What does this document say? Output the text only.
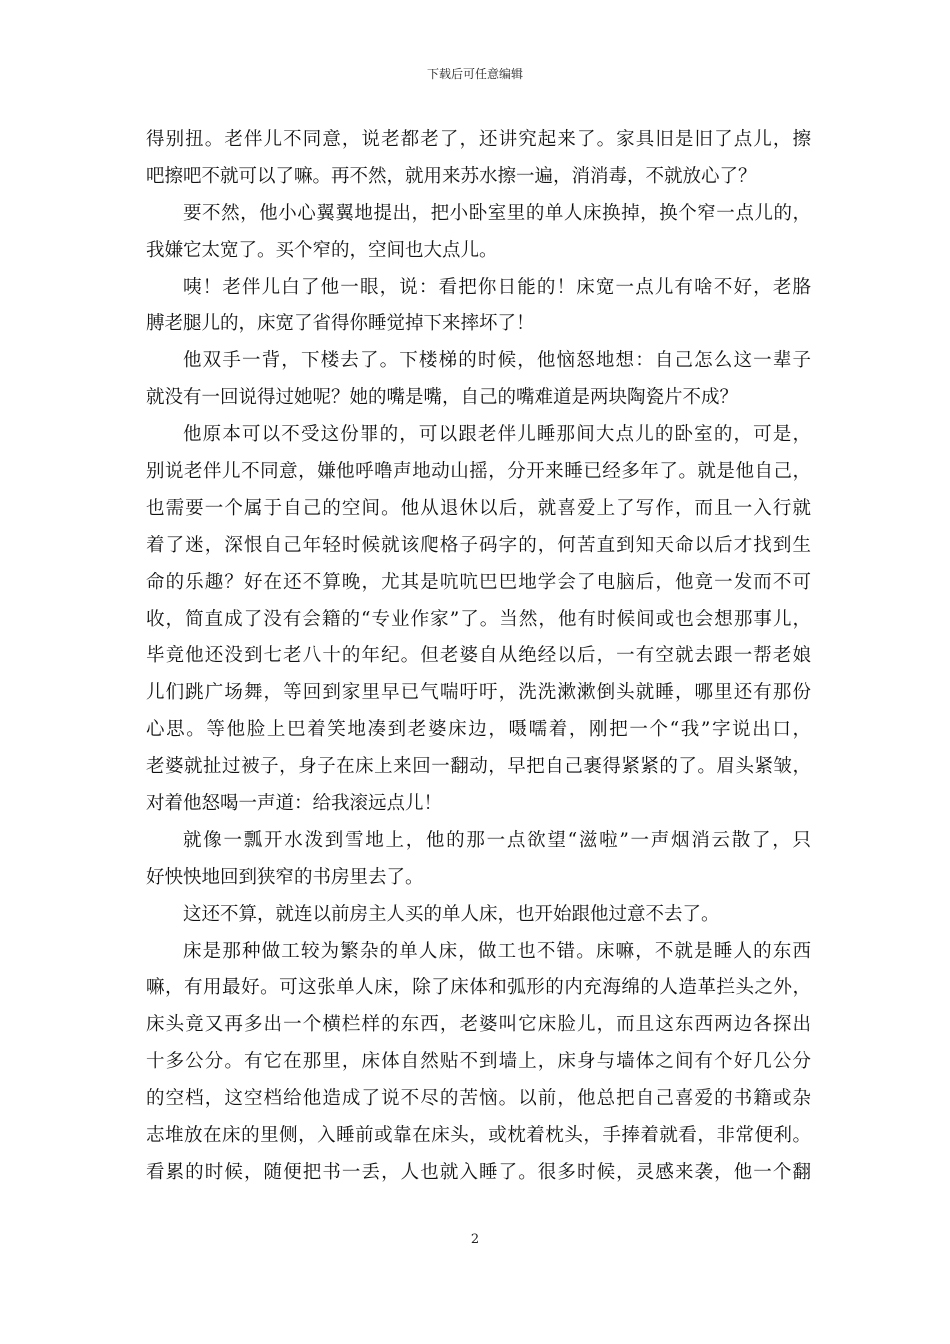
下载后可任意编辑
得别扭。老伴儿不同意，说老都老了，还讲究起来了。家具旧是旧了点儿，擦
吧擦吧不就可以了嘛。再不然，就用来苏水擦一遍，消消毒，不就放心了？
要不然，他小心翼翼地提出，把小卧室里的单人床换掉，换个窄一点儿的，
我嫌它太宽了。买个窄的，空间也大点儿。
咦！老伴儿白了他一眼，说：看把你日能的！床宽一点儿有啥不好，老胳
膊老腿儿的，床宽了省得你睡觉掉下来摔坏了！
他双手一背，下楼去了。下楼梯的时候，他恼怒地想：自己怎么这一辈子
就没有一回说得过她呢？她的嘴是嘴，自己的嘴难道是两块陶瓷片不成？
他原本可以不受这份罪的，可以跟老伴儿睡那间大点儿的卧室的，可是，
别说老伴儿不同意，嫌他呼噜声地动山摇，分开来睡已经多年了。就是他自己，
也需要一个属于自己的空间。他从退休以后，就喜爱上了写作，而且一入行就
着了迷，深恨自己年轻时候就该爬格子码字的，何苦直到知天命以后才找到生
命的乐趣？好在还不算晚，尤其是吭吭巴巴地学会了电脑后，他竟一发而不可
收，简直成了没有会籍的“专业作家”了。当然，他有时候间或也会想那事儿，
毕竟他还没到七老八十的年纪。但老婆自从绝经以后，一有空就去跟一帮老娘
儿们跳广场舞，等回到家里早已气喘吁吁，洗洗漱漱倒头就睡，哪里还有那份
心思。等他脸上巴着笑地凑到老婆床边，嗫嚅着，刚把一个“我”字说出口，
老婆就扯过被子，身子在床上来回一翻动，早把自己裹得紧紧的了。眉头紧皱，
对着他怒喝一声道：给我滚远点儿！
就像一瓢开水泼到雪地上，他的那一点欲望“滋啦”一声烟消云散了，只
好怏怏地回到狭窄的书房里去了。
这还不算，就连以前房主人买的单人床，也开始跟他过意不去了。
床是那种做工较为繁杂的单人床，做工也不错。床嘛，不就是睡人的东西
嘛，有用最好。可这张单人床，除了床体和弧形的内充海绵的人造革拦头之外，
床头竟又再多出一个横栏样的东西，老婆叫它床脸儿，而且这东西两边各探出
十多公分。有它在那里，床体自然贴不到墙上，床身与墙体之间有个好几公分
的空档，这空档给他造成了说不尽的苦恼。以前，他总把自己喜爱的书籍或杂
志堆放在床的里侧，入睡前或靠在床头，或枕着枕头，手捧着就看，非常便利。
看累的时候，随便把书一丢，人也就入睡了。很多时候，灵感来袭，他一个翻
2
